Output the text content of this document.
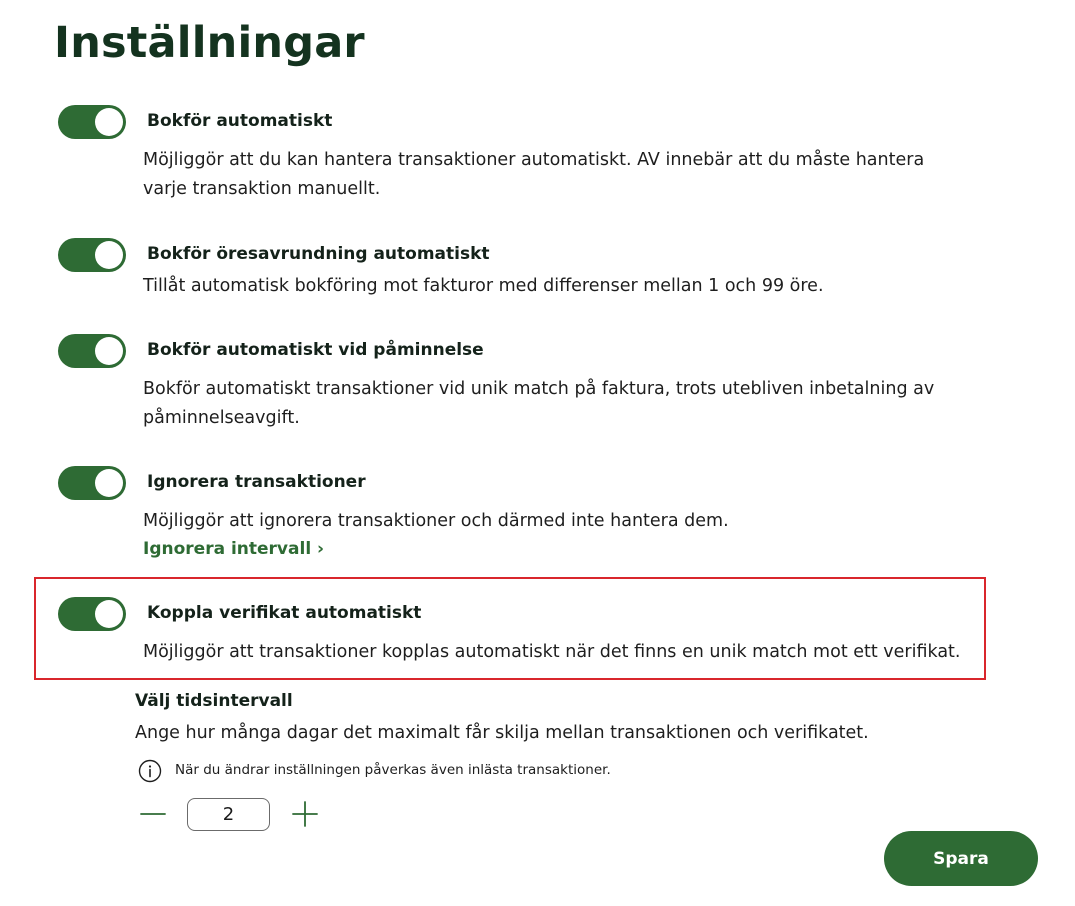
Inställningar
Bokför automatiskt

Möjliggör att du kan hantera transaktioner automatiskt. AV innebär att du måste hantera varje transaktion manuellt.

Bokför öresavrundning automatiskt

Tillåt automatisk bokföring mot fakturor med differenser mellan 1 och 99 öre.

Bokför automatiskt vid påminnelse

Bokför automatiskt transaktioner vid unik match på faktura, trots utebliven inbetalning av påminnelseavgift.

Ignorera transaktioner

Möjliggör att ignorera transaktioner och därmed inte hantera dem.

Ignorera intervall ›
Koppla verifikat automatiskt

Möjliggör att transaktioner kopplas automatiskt när det finns en unik match mot ett verifikat.

Välj tidsintervall

Ange hur många dagar det maximalt får skilja mellan transaktionen och verifikatet.

När du ändrar inställningen påverkas även inlästa transaktioner.
2
Spara
